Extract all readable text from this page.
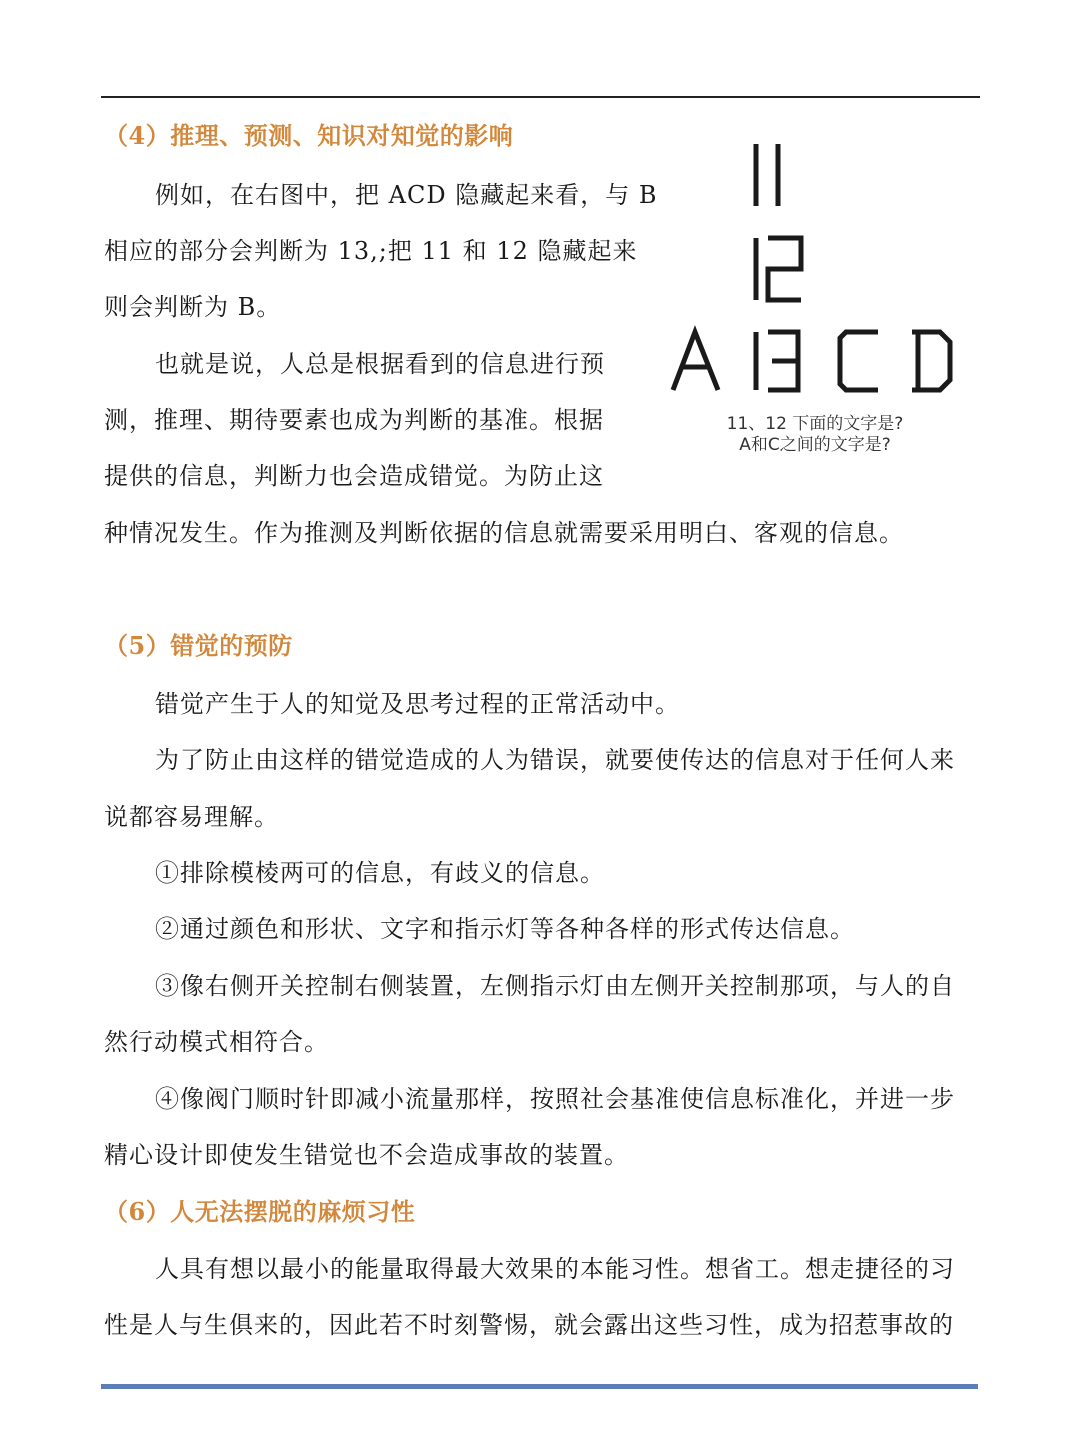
（4）推理、预测、知识对知觉的影响
例如，在右图中，把 ACD 隐藏起来看，与 B
相应的部分会判断为 13,;把 11 和 12 隐藏起来
则会判断为 B。
也就是说，人总是根据看到的信息进行预
测，推理、期待要素也成为判断的基准。根据
提供的信息，判断力也会造成错觉。为防止这
种情况发生。作为推测及判断依据的信息就需要采用明白、客观的信息。
11、12 下面的文字是?
A和C之间的文字是?
（5）错觉的预防
错觉产生于人的知觉及思考过程的正常活动中。
为了防止由这样的错觉造成的人为错误，就要使传达的信息对于任何人来
说都容易理解。
①排除模棱两可的信息，有歧义的信息。
②通过颜色和形状、文字和指示灯等各种各样的形式传达信息。
③像右侧开关控制右侧装置，左侧指示灯由左侧开关控制那项，与人的自
然行动模式相符合。
④像阀门顺时针即减小流量那样，按照社会基准使信息标准化，并进一步
精心设计即使发生错觉也不会造成事故的装置。
（6）人无法摆脱的麻烦习性
人具有想以最小的能量取得最大效果的本能习性。想省工。想走捷径的习
性是人与生俱来的，因此若不时刻警惕，就会露出这些习性，成为招惹事故的
